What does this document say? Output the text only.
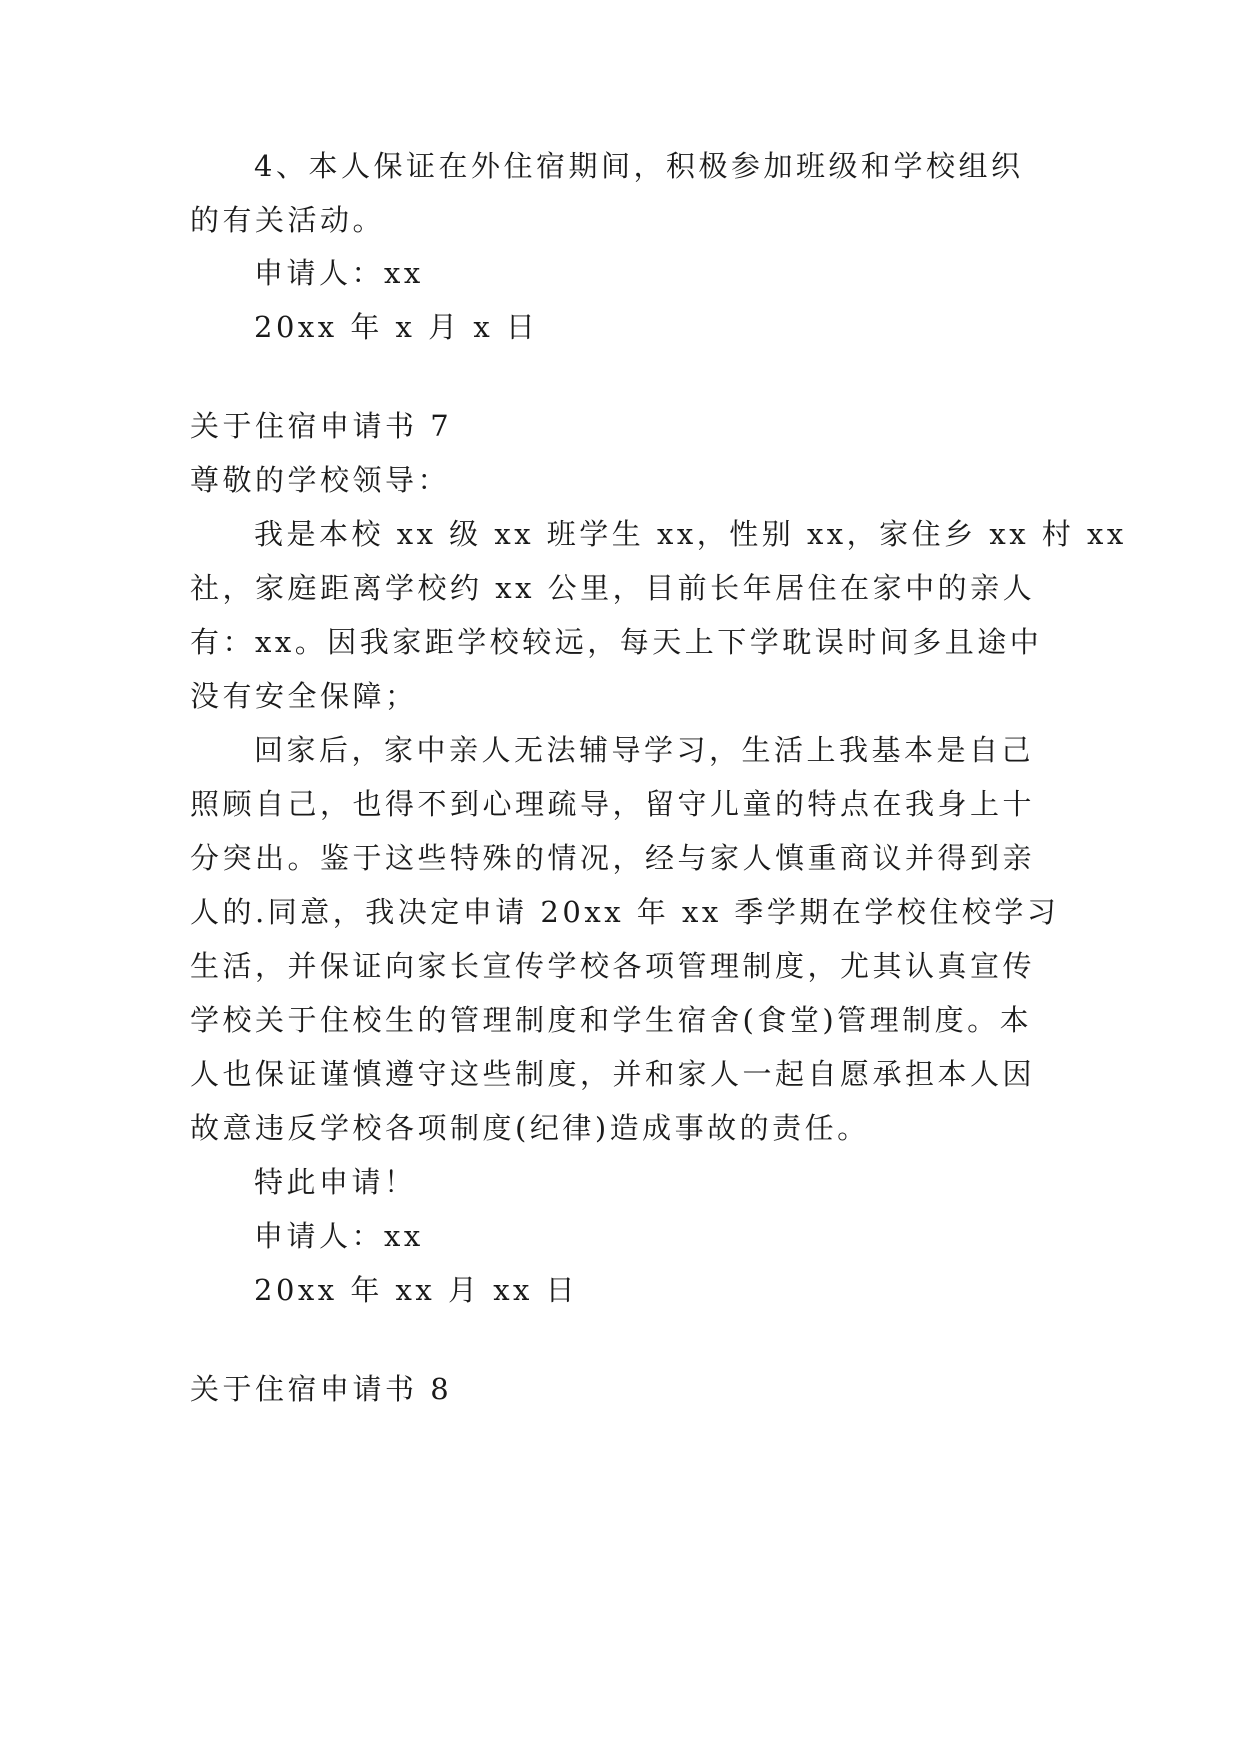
4、本人保证在外住宿期间，积极参加班级和学校组织
的有关活动。
申请人：xx
20xx 年 x 月 x 日
关于住宿申请书 7
尊敬的学校领导：
我是本校 xx 级 xx 班学生 xx，性别 xx，家住乡 xx 村 xx
社，家庭距离学校约 xx 公里，目前长年居住在家中的亲人
有：xx。因我家距学校较远，每天上下学耽误时间多且途中
没有安全保障；
回家后，家中亲人无法辅导学习，生活上我基本是自己
照顾自己，也得不到心理疏导，留守儿童的特点在我身上十
分突出。鉴于这些特殊的情况，经与家人慎重商议并得到亲
人的.同意，我决定申请 20xx 年 xx 季学期在学校住校学习
生活，并保证向家长宣传学校各项管理制度，尤其认真宣传
学校关于住校生的管理制度和学生宿舍(食堂)管理制度。本
人也保证谨慎遵守这些制度，并和家人一起自愿承担本人因
故意违反学校各项制度(纪律)造成事故的责任。
特此申请！
申请人：xx
20xx 年 xx 月 xx 日
关于住宿申请书 8
